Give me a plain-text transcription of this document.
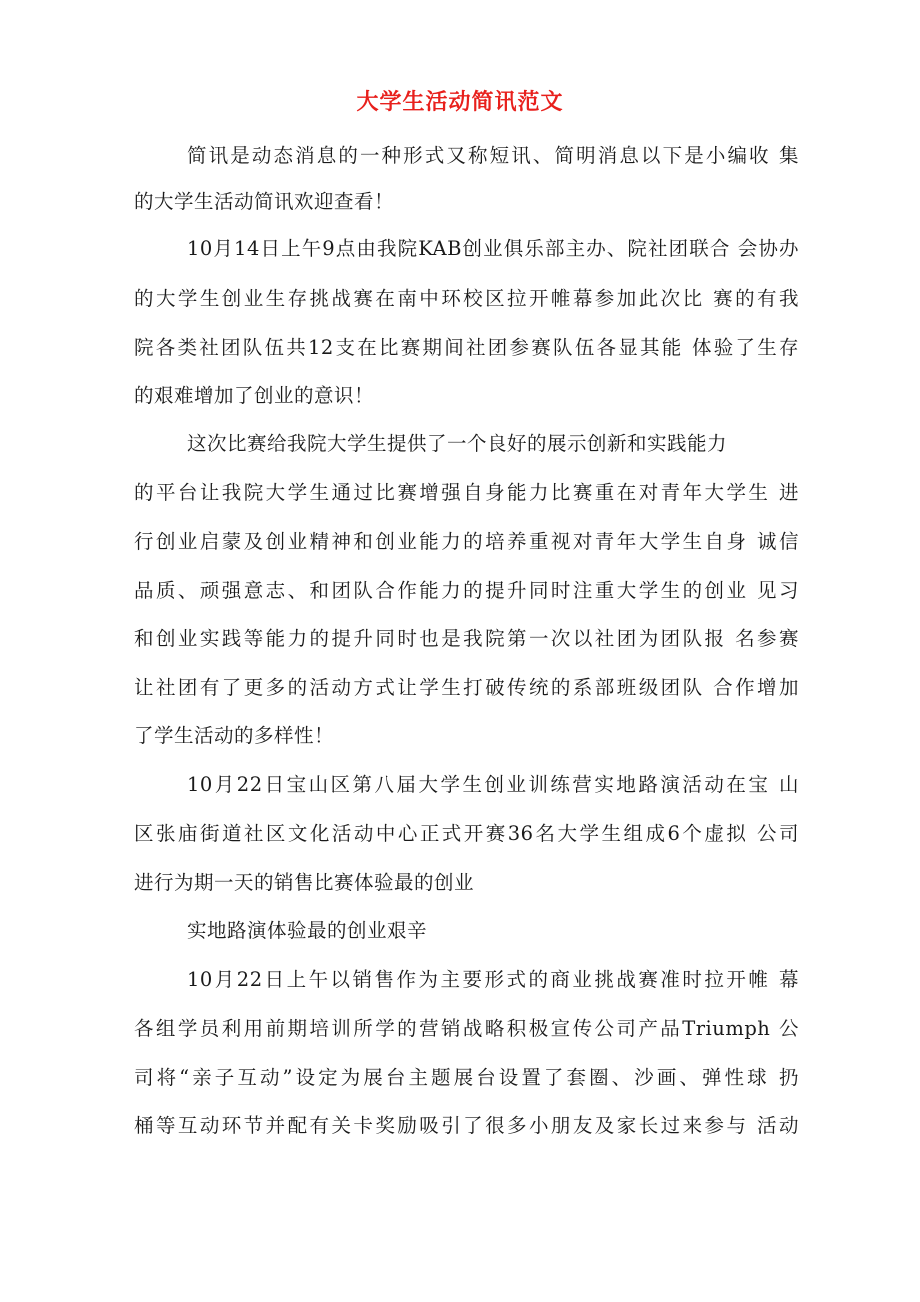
大学生活动简讯范文
简讯是动态消息的一种形式又称短讯、简明消息以下是小编收 集
的大学生活动简讯欢迎查看！
10月14日上午9点由我院KAB创业俱乐部主办、院社团联合 会协办
的大学生创业生存挑战赛在南中环校区拉开帷幕参加此次比 赛的有我
院各类社团队伍共12支在比赛期间社团参赛队伍各显其能 体验了生存
的艰难增加了创业的意识！
这次比赛给我院大学生提供了一个良好的展示创新和实践能力
的平台让我院大学生通过比赛增强自身能力比赛重在对青年大学生 进
行创业启蒙及创业精神和创业能力的培养重视对青年大学生自身 诚信
品质、顽强意志、和团队合作能力的提升同时注重大学生的创业 见习
和创业实践等能力的提升同时也是我院第一次以社团为团队报 名参赛
让社团有了更多的活动方式让学生打破传统的系部班级团队 合作增加
了学生活动的多样性！
10月22日宝山区第八届大学生创业训练营实地路演活动在宝 山
区张庙街道社区文化活动中心正式开赛36名大学生组成6个虚拟 公司
进行为期一天的销售比赛体验最的创业
实地路演体验最的创业艰辛
10月22日上午以销售作为主要形式的商业挑战赛准时拉开帷 幕
各组学员利用前期培训所学的营销战略积极宣传公司产品Triumph 公
司将“亲子互动”设定为展台主题展台设置了套圈、沙画、弹性球 扔
桶等互动环节并配有关卡奖励吸引了很多小朋友及家长过来参与 活动
